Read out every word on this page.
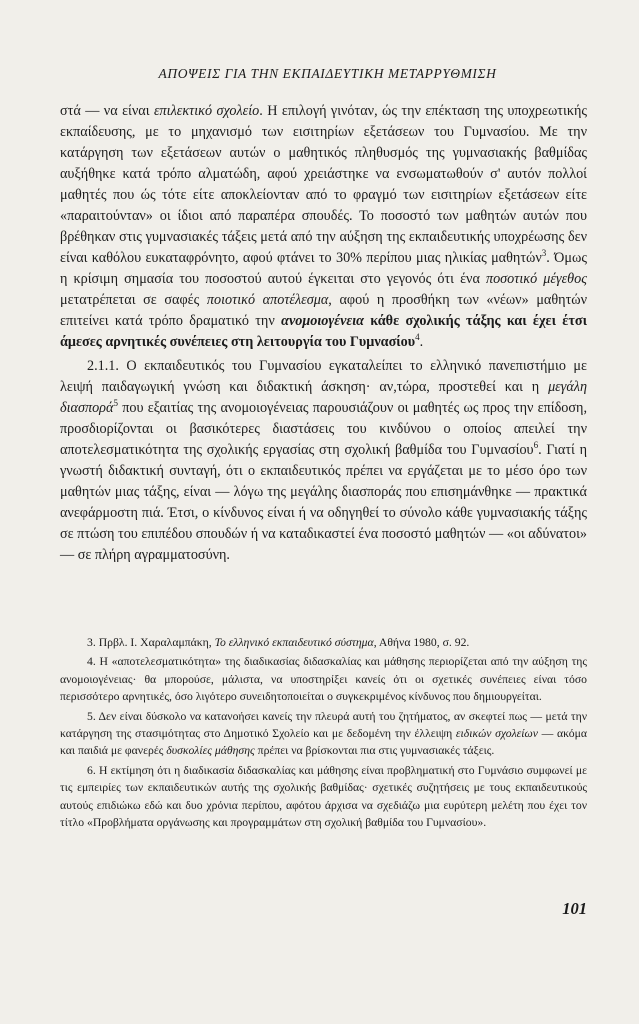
ΑΠΟΨΕΙΣ ΓΙΑ ΤΗΝ ΕΚΠΑΙΔΕΥΤΙΚΗ ΜΕΤΑΡΡΥΘΜΙΣΗ

στά — να είναι επιλεκτικό σχολείο. Η επιλογή γινόταν, ώς την επέκταση της υποχρεωτικής εκπαίδευσης, με το μηχανισμό των εισιτηρίων εξετάσεων του Γυμνασίου. Με την κατάργηση των εξετάσεων αυτών ο μαθητικός πληθυσμός της γυμνασιακής βαθμίδας αυξήθηκε κατά τρόπο αλματώδη, αφού χρειάστηκε να ενσωματωθούν σ' αυτόν πολλοί μαθητές που ώς τότε είτε αποκλείονταν από το φραγμό των εισιτηρίων εξετάσεων είτε «παραιτούνταν» οι ίδιοι από παραπέρα σπουδές. Το ποσοστό των μαθητών αυτών που βρέθηκαν στις γυμνασιακές τάξεις μετά από την αύξηση της εκπαιδευτικής υποχρέωσης δεν είναι καθόλου ευκαταφρόνητο, αφού φτάνει το 30% περίπου μιας ηλικίας μαθητών$^3$. Όμως η κρίσιμη σημασία του ποσοστού αυτού έγκειται στο γεγονός ότι ένα ποσοτικό μέγεθος μετατρέπεται σε σαφές ποιοτικό αποτέλεσμα, αφού η προσθήκη των «νέων» μαθητών επιτείνει κατά τρόπο δραματικό την ανομοιογένεια κάθε σχολικής τάξης και έχει έτσι άμεσες αρνητικές συνέπειες στη λειτουργία του Γυμνασίου$^4$.

2.1.1. Ο εκπαιδευτικός του Γυμνασίου εγκαταλείπει το ελληνικό πανεπιστήμιο με λειψή παιδαγωγική γνώση και διδακτική άσκηση· αν,τώρα, προστεθεί και η μεγάλη διασπορά$^5$ που εξαιτίας της ανομοιογένειας παρουσιάζουν οι μαθητές ως προς την επίδοση, προσδιορίζονται οι βασικότερες διαστάσεις του κινδύνου ο οποίος απειλεί την αποτελεσματικότητα της σχολικής εργασίας στη σχολική βαθμίδα του Γυμνασίου$^6$. Γιατί η γνωστή διδακτική συνταγή, ότι ο εκπαιδευτικός πρέπει να εργάζεται με το μέσο όρο των μαθητών μιας τάξης, είναι — λόγω της μεγάλης διασποράς που επισημάνθηκε — πρακτικά ανεφάρμοστη πιά. Έτσι, ο κίνδυνος είναι ή να οδηγηθεί το σύνολο κάθε γυμνασιακής τάξης σε πτώση του επιπέδου σπουδών ή να καταδικαστεί ένα ποσοστό μαθητών — «οι αδύνατοι» — σε πλήρη αγραμματοσύνη.

3. Πρβλ. Ι. Χαραλαμπάκη, Το ελληνικό εκπαιδευτικό σύστημα, Αθήνα 1980, σ. 92.

4. Η «αποτελεσματικότητα» της διαδικασίας διδασκαλίας και μάθησης περιορίζεται από την αύξηση της ανομοιογένειας· θα μπορούσε, μάλιστα, να υποστηρίξει κανείς ότι οι σχετικές συνέπειες είναι τόσο περισσότερο αρνητικές, όσο λιγότερο συνειδητοποιείται ο συγκεκριμένος κίνδυνος που δημιουργείται.

5. Δεν είναι δύσκολο να κατανοήσει κανείς την πλευρά αυτή του ζητήματος, αν σκεφτεί πως — μετά την κατάργηση της στασιμότητας στο Δημοτικό Σχολείο και με δεδομένη την έλλειψη ειδικών σχολείων — ακόμα και παιδιά με φανερές δυσκολίες μάθησης πρέπει να βρίσκονται πια στις γυμνασιακές τάξεις.

6. Η εκτίμηση ότι η διαδικασία διδασκαλίας και μάθησης είναι προβληματική στο Γυμνάσιο συμφωνεί με τις εμπειρίες των εκπαιδευτικών αυτής της σχολικής βαθμίδας· σχετικές συζητήσεις με τους εκπαιδευτικούς αυτούς επιδιώκω εδώ και δυο χρόνια περίπου, αφότου άρχισα να σχεδιάζω μια ευρύτερη μελέτη που έχει τον τίτλο «Προβλήματα οργάνωσης και προγραμμάτων στη σχολική βαθμίδα του Γυμνασίου».

101
